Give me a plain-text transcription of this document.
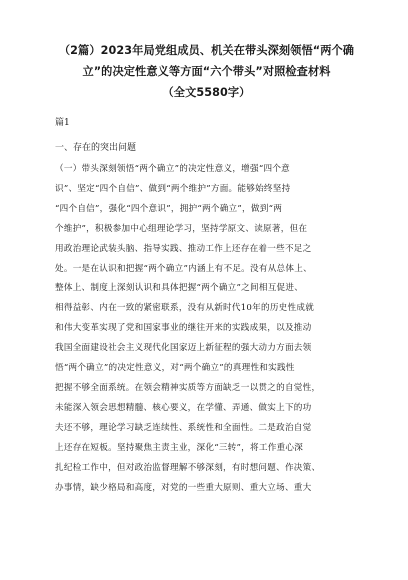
（2篇）2023年局党组成员、机关在带头深刻领悟“两个确
立”的决定性意义等方面“六个带头”对照检查材料
（全文5580字）
篇1
一、存在的突出问题
（一）带头深刻领悟“两个确立”的决定性意义，增强“四个意
识”、坚定“四个自信”、做到“两个维护”方面。能够始终坚持
“四个自信”，强化“四个意识”，拥护“两个确立”，做到“两
个维护”，积极参加中心组理论学习，坚持学原文、读原著，但在
用政治理论武装头脑、指导实践、推动工作上还存在着一些不足之
处。一是在认识和把握“两个确立”内涵上有不足。没有从总体上、
整体上、制度上深刻认识和具体把握“两个确立”之间相互促进、
相得益彰、内在一致的紧密联系，没有从新时代10年的历史性成就
和伟大变革实现了党和国家事业的继往开来的实践成果，以及推动
我国全面建设社会主义现代化国家迈上新征程的强大动力方面去领
悟“两个确立”的决定性意义，对“两个确立”的真理性和实践性
把握不够全面系统。在领会精神实质等方面缺乏一以贯之的自觉性，
未能深入领会思想精髓、核心要义，在学懂、弄通、做实上下的功
夫还不够，理论学习缺乏连续性、系统性和全面性。二是政治自觉
上还存在短板。坚持聚焦主责主业，深化“三转”，将工作重心深
扎纪检工作中，但对政治监督理解不够深刻，有时想问题、作决策、
办事情，缺少格局和高度，对党的一些重大原则、重大立场、重大
